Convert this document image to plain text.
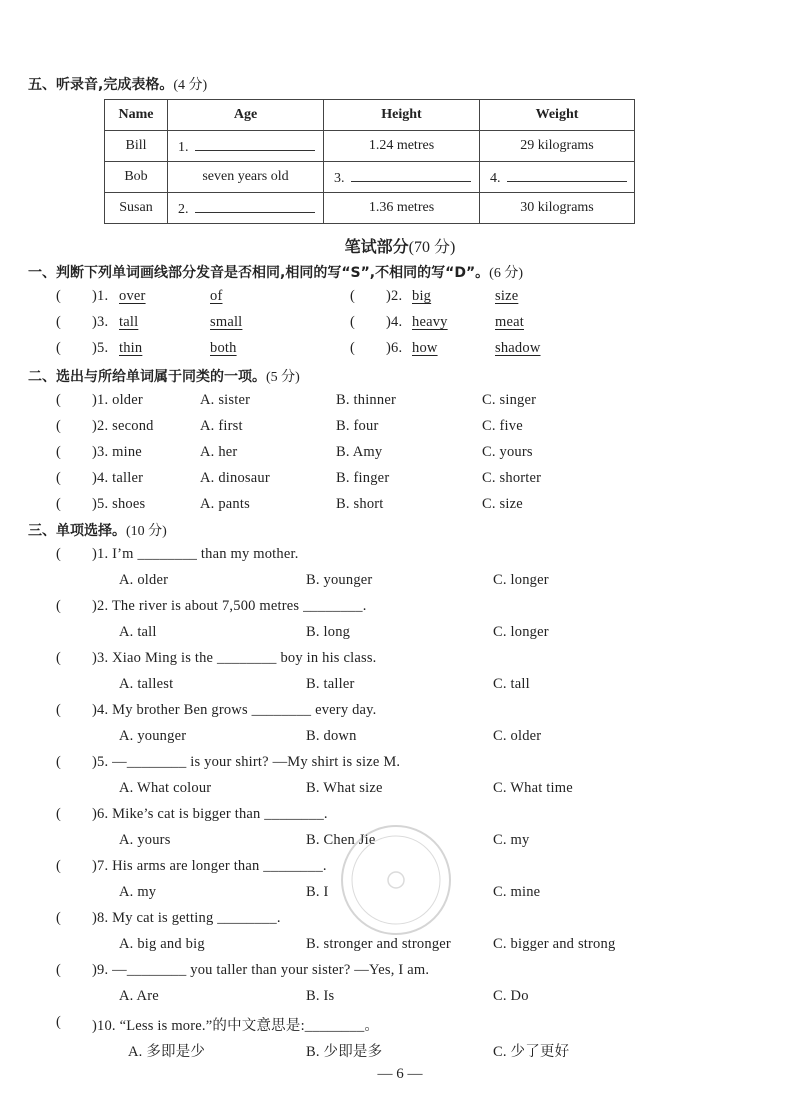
五、听录音,完成表格。(4 分)
Name	Age	Height	Weight
Bill	1.	1.24 metres	29 kilograms
Bob	seven years old	3.	4.
Susan	2.	1.36 metres	30 kilograms
笔试部分(70 分)
一、判断下列单词画线部分发音是否相同,相同的写“S”,不相同的写“D”。(6 分)
( )1. over	of	( )2. big	size
( )3. tall	small	( )4. heavy	meat
( )5. thin	both	( )6. how	shadow
二、选出与所给单词属于同类的一项。(5 分)
( )1. older	A. sister	B. thinner	C. singer
( )2. second	A. first	B. four	C. five
( )3. mine	A. her	B. Amy	C. yours
( )4. taller	A. dinosaur	B. finger	C. shorter
( )5. shoes	A. pants	B. short	C. size
三、单项选择。(10 分)
( )1. I’m ________ than my mother.
A. older	B. younger	C. longer
( )2. The river is about 7,500 metres ________.
A. tall	B. long	C. longer
( )3. Xiao Ming is the ________ boy in his class.
A. tallest	B. taller	C. tall
( )4. My brother Ben grows ________ every day.
A. younger	B. down	C. older
( )5. —________ is your shirt? —My shirt is size M.
A. What colour	B. What size	C. What time
( )6. Mike’s cat is bigger than ________.
A. yours	B. Chen Jie	C. my
( )7. His arms are longer than ________.
A. my	B. I	C. mine
( )8. My cat is getting ________.
A. big and big	B. stronger and stronger	C. bigger and strong
( )9. —________ you taller than your sister? —Yes, I am.
A. Are	B. Is	C. Do
( )10. “Less is more.”的中文意思是:________。
A. 多即是少	B. 少即是多	C. 少了更好
— 6 —
